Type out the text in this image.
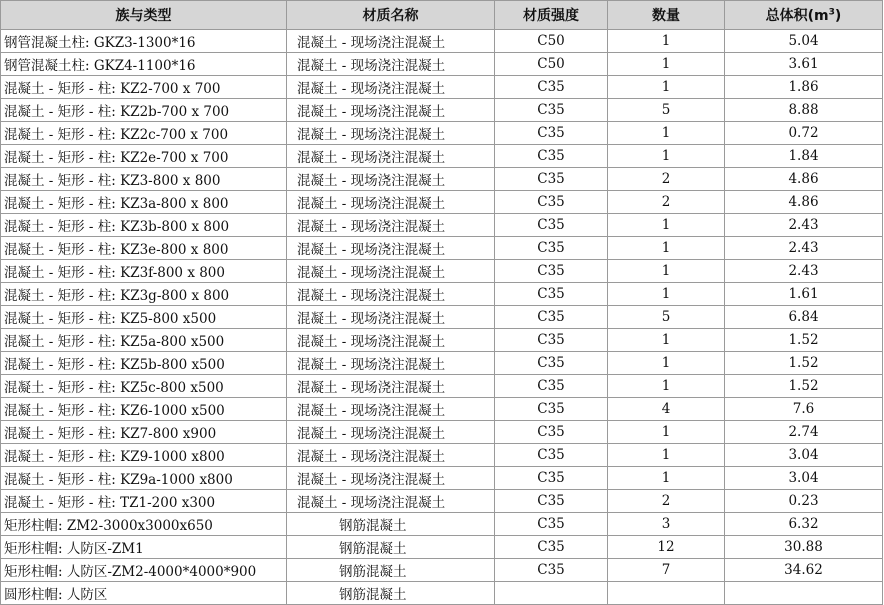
族与类型	材质名称	材质强度	数量	总体积$(m^3)$
钢管混凝土柱: GKZ3-1300*16	混凝土 - 现场浇注混凝土	C50	1	5.04
钢管混凝土柱: GKZ4-1100*16	混凝土 - 现场浇注混凝土	C50	1	3.61
混凝土 - 矩形 - 柱: KZ2-700 x 700	混凝土 - 现场浇注混凝土	C35	1	1.86
混凝土 - 矩形 - 柱: KZ2b-700 x 700	混凝土 - 现场浇注混凝土	C35	5	8.88
混凝土 - 矩形 - 柱: KZ2c-700 x 700	混凝土 - 现场浇注混凝土	C35	1	0.72
混凝土 - 矩形 - 柱: KZ2e-700 x 700	混凝土 - 现场浇注混凝土	C35	1	1.84
混凝土 - 矩形 - 柱: KZ3-800 x 800	混凝土 - 现场浇注混凝土	C35	2	4.86
混凝土 - 矩形 - 柱: KZ3a-800 x 800	混凝土 - 现场浇注混凝土	C35	2	4.86
混凝土 - 矩形 - 柱: KZ3b-800 x 800	混凝土 - 现场浇注混凝土	C35	1	2.43
混凝土 - 矩形 - 柱: KZ3e-800 x 800	混凝土 - 现场浇注混凝土	C35	1	2.43
混凝土 - 矩形 - 柱: KZ3f-800 x 800	混凝土 - 现场浇注混凝土	C35	1	2.43
混凝土 - 矩形 - 柱: KZ3g-800 x 800	混凝土 - 现场浇注混凝土	C35	1	1.61
混凝土 - 矩形 - 柱: KZ5-800 x500	混凝土 - 现场浇注混凝土	C35	5	6.84
混凝土 - 矩形 - 柱: KZ5a-800 x500	混凝土 - 现场浇注混凝土	C35	1	1.52
混凝土 - 矩形 - 柱: KZ5b-800 x500	混凝土 - 现场浇注混凝土	C35	1	1.52
混凝土 - 矩形 - 柱: KZ5c-800 x500	混凝土 - 现场浇注混凝土	C35	1	1.52
混凝土 - 矩形 - 柱: KZ6-1000 x500	混凝土 - 现场浇注混凝土	C35	4	7.6
混凝土 - 矩形 - 柱: KZ7-800 x900	混凝土 - 现场浇注混凝土	C35	1	2.74
混凝土 - 矩形 - 柱: KZ9-1000 x800	混凝土 - 现场浇注混凝土	C35	1	3.04
混凝土 - 矩形 - 柱: KZ9a-1000 x800	混凝土 - 现场浇注混凝土	C35	1	3.04
混凝土 - 矩形 - 柱: TZ1-200 x300	混凝土 - 现场浇注混凝土	C35	2	0.23
矩形柱帽: ZM2-3000x3000x650	钢筋混凝土	C35	3	6.32
矩形柱帽: 人防区-ZM1	钢筋混凝土	C35	12	30.88
矩形柱帽: 人防区-ZM2-4000*4000*900	钢筋混凝土	C35	7	34.62
圆形柱帽: 人防区	钢筋混凝土			
